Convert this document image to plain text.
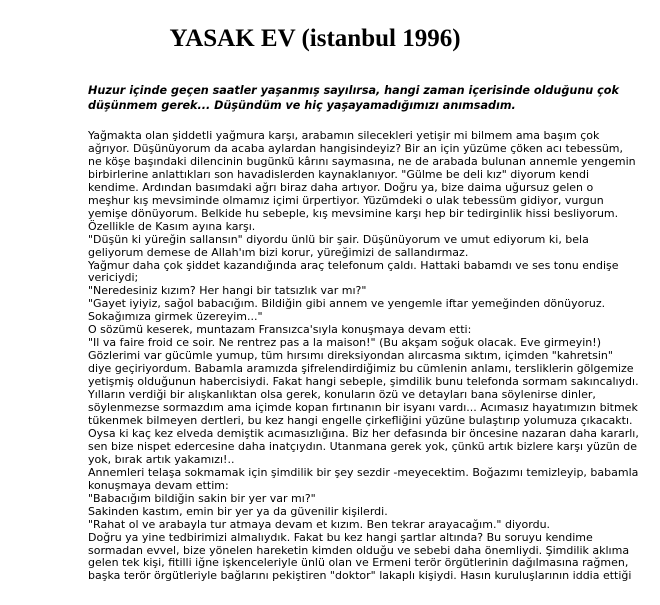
YASAK EV (istanbul 1996)
Huzur içinde geçen saatler yaşanmış sayılırsa, hangi zaman içerisinde olduğunu çok
düşünmem gerek... Düşündüm ve hiç yaşayamadığımızı anımsadım.
Yağmakta olan şiddetli yağmura karşı, arabamın silecekleri yetişir mi bilmem ama başım çok
ağrıyor. Düşünüyorum da acaba aylardan hangisindeyiz? Bir an için yüzüme çöken acı tebessüm,
ne köşe başındaki dilencinin bugünkü kârını saymasına, ne de arabada bulunan annemle yengemin
birbirlerine anlattıkları son havadislerden kaynaklanıyor. "Gülme be deli kız" diyorum kendi
kendime. Ardından basımdaki ağrı biraz daha artıyor. Doğru ya, bize daima uğursuz gelen o
meşhur kış mevsiminde olmamız içimi ürpertiyor. Yüzümdeki o ulak tebessüm gidiyor, vurgun
yemişe dönüyorum. Belkide hu sebeple, kış mevsimine karşı hep bir tedirginlik hissi besliyorum.
Özellikle de Kasım ayına karşı.
"Düşün ki yüreğin sallansın" diyordu ünlü bir şair. Düşünüyorum ve umut ediyorum ki, bela
geliyorum demese de Allah'ım bizi korur, yüreğimizi de sallandırmaz.
Yağmur daha çok şiddet kazandığında araç telefonum çaldı. Hattaki babamdı ve ses tonu endişe
vericiydi;
"Neredesiniz kızım? Her hangi bir tatsızlık var mı?"
"Gayet iyiyiz, sağol babacığım. Bildiğin gibi annem ve yengemle iftar yemeğinden dönüyoruz.
Sokağımıza girmek üzereyim..."
O sözümü keserek, muntazam Fransızca'sıyla konuşmaya devam etti:
"Il va faire froid ce soir. Ne rentrez pas a la maison!" (Bu akşam soğuk olacak. Eve girmeyin!)
Gözlerimi var gücümle yumup, tüm hırsımı direksiyondan alırcasma sıktım, içimden "kahretsin"
diye geçiriyordum. Babamla aramızda şifrelendirdiğimiz bu cümlenin anlamı, tersliklerin gölgemize
yetişmiş olduğunun habercisiydi. Fakat hangi sebeple, şimdilik bunu telefonda sormam sakıncalıydı.
Yılların verdiği bir alışkanlıktan olsa gerek, konuların özü ve detayları bana söylenirse dinler,
söylenmezse sormazdım ama içimde kopan fırtınanın bir isyanı vardı... Acımasız hayatımızın bitmek
tükenmek bilmeyen dertleri, bu kez hangi engelle çirkefliğini yüzüne bulaştırıp yolumuza çıkacaktı.
Oysa ki kaç kez elveda demiştik acımasızlığına. Biz her defasında bir öncesine nazaran daha kararlı,
sen bize nispet edercesine daha inatçıydın. Utanmana gerek yok, çünkü artık bizlere karşı yüzün de
yok, bırak artık yakamızı!..
Annemleri telaşa sokmamak için şimdilik bir şey sezdir -meyecektim. Boğazımı temizleyip, babamla
konuşmaya devam ettim:
"Babacığım bildiğin sakin bir yer var mı?"
Sakinden kastım, emin bir yer ya da güvenilir kişilerdi.
"Rahat ol ve arabayla tur atmaya devam et kızım. Ben tekrar arayacağım." diyordu.
Doğru ya yine tedbirimizi almalıydık. Fakat bu kez hangi şartlar altında? Bu soruyu kendime
sormadan evvel, bize yönelen hareketin kimden olduğu ve sebebi daha önemliydi. Şimdilik aklıma
gelen tek kişi, fitilli iğne işkenceleriyle ünlü olan ve Ermeni terör örgütlerinin dağılmasına rağmen,
başka terör örgütleriyle bağlarını pekiştiren "doktor" lakaplı kişiydi. Hasın kuruluşlarının iddia ettiği
